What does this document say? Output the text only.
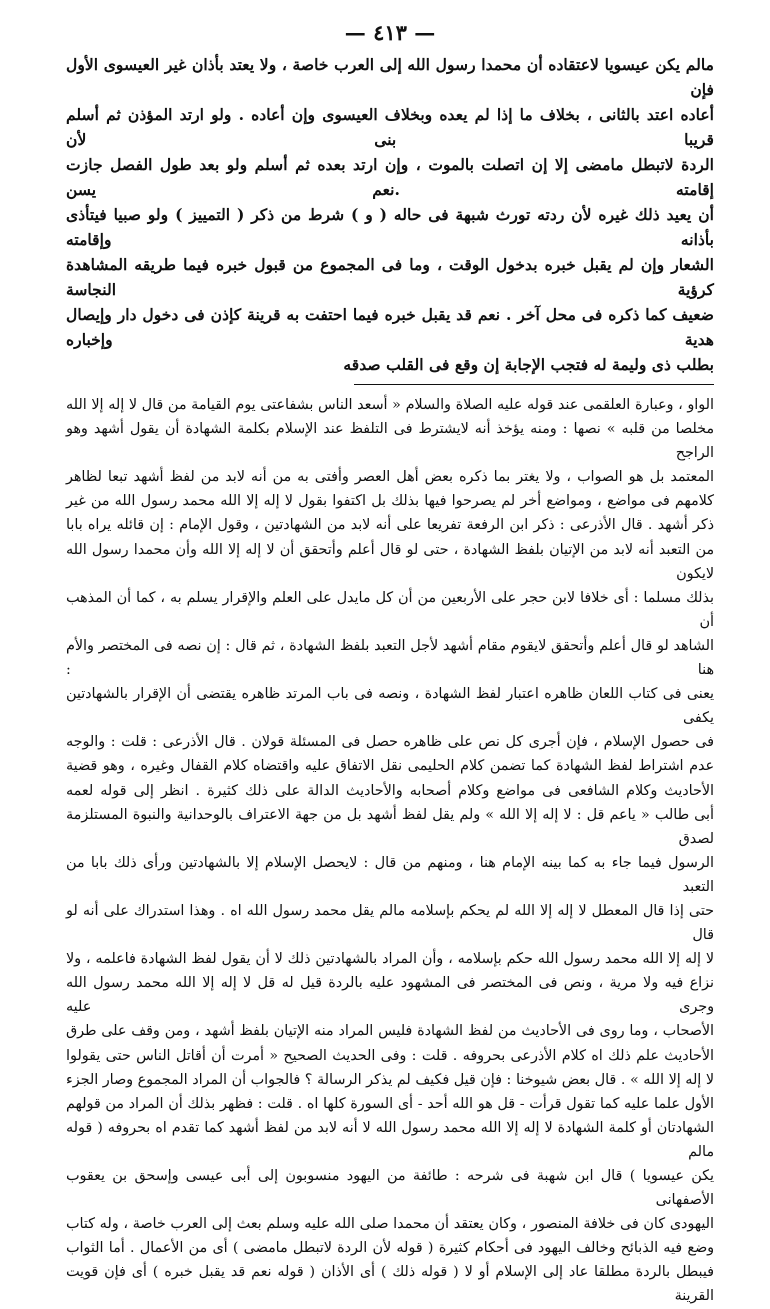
— ٤١٣ —

مالم يكن عيسويا لاعتقاده أن محمدا رسول الله إلى العرب خاصة ، ولا يعتد بأذان غير العيسوى الأول فإن

أعاده اعتد بالثانى ، بخلاف ما إذا لم يعده وبخلاف العيسوى وإن أعاده . ولو ارتد المؤذن ثم أسلم قريبا بنى لأن

الردة لاتبطل مامضى إلا إن اتصلت بالموت ، وإن ارتد بعده ثم أسلم ولو بعد طول الفصل جازت إقامته .نعم يسن

أن يعيد ذلك غيره لأن ردته تورث شبهة فى حاله ( و ) شرط من ذكر ( التمييز ) ولو صبيا فيتأذى بأذانه وإقامته

الشعار وإن لم يقبل خبره بدخول الوقت ، وما فى المجموع من قبول خبره فيما طريقه المشاهدة كرؤية النجاسة

ضعيف كما ذكره فى محل آخر . نعم قد يقبل خبره فيما احتفت به قرينة كإذن فى دخول دار وإيصال هدية وإخباره

بطلب ذى وليمة له فتجب الإجابة إن وقع فى القلب صدقه

الواو ، وعبارة العلقمى عند قوله عليه الصلاة والسلام « أسعد الناس بشفاعتى يوم القيامة من قال لا إله إلا الله

مخلصا من قلبه » نصها : ومنه يؤخذ أنه لايشترط فى التلفظ عند الإسلام بكلمة الشهادة أن يقول أشهد وهو الراجح

المعتمد بل هو الصواب ، ولا يغتر بما ذكره بعض أهل العصر وأفتى به من أنه لابد من لفظ أشهد تبعا لظاهر

كلامهم فى مواضع ، ومواضع أخر لم يصرحوا فيها بذلك بل اكتفوا بقول لا إله إلا الله محمد رسول الله من غير

ذكر أشهد . قال الأذرعى : ذكر ابن الرفعة تفريعا على أنه لابد من الشهادتين ، وقول الإمام : إن قائله يراه بابا

من التعبد أنه لابد من الإتيان بلفظ الشهادة ، حتى لو قال أعلم وأتحقق أن لا إله إلا الله وأن محمدا رسول الله لايكون

بذلك مسلما : أى خلافا لابن حجر على الأربعين من أن كل مايدل على العلم والإقرار يسلم به ، كما أن المذهب أن

الشاهد لو قال أعلم وأتحقق لايقوم مقام أشهد لأجل التعبد بلفظ الشهادة ، ثم قال : إن نصه فى المختصر والأم هنا :

يعنى فى كتاب اللعان ظاهره اعتبار لفظ الشهادة ، ونصه فى باب المرتد ظاهره يقتضى أن الإقرار بالشهادتين يكفى

فى حصول الإسلام ، فإن أجرى كل نص على ظاهره حصل فى المسئلة قولان . قال الأذرعى : قلت : والوجه

عدم اشتراط لفظ الشهادة كما تضمن كلام الحليمى نقل الاتفاق عليه واقتضاه كلام القفال وغيره ، وهو قضية

الأحاديث وكلام الشافعى فى مواضع وكلام أصحابه والأحاديث الدالة على ذلك كثيرة . انظر إلى قوله لعمه

أبى طالب « ياعم قل : لا إله إلا الله » ولم يقل لفظ أشهد بل من جهة الاعتراف بالوحدانية والنبوة المستلزمة لصدق

الرسول فيما جاء به كما بينه الإمام هنا ، ومنهم من قال : لايحصل الإسلام إلا بالشهادتين ورأى ذلك بابا من التعبد

حتى إذا قال المعطل لا إله إلا الله لم يحكم بإسلامه مالم يقل محمد رسول الله اه . وهذا استدراك على أنه لو قال

لا إله إلا الله محمد رسول الله حكم بإسلامه ، وأن المراد بالشهادتين ذلك لا أن يقول لفظ الشهادة فاعلمه ، ولا

نزاع فيه ولا مرية ، ونص فى المختصر فى المشهود عليه بالردة قيل له قل لا إله إلا الله محمد رسول الله وجرى عليه

الأصحاب ، وما روى فى الأحاديث من لفظ الشهادة فليس المراد منه الإتيان بلفظ أشهد ، ومن وقف على طرق

الأحاديث علم ذلك اه كلام الأذرعى بحروفه . قلت : وفى الحديث الصحيح « أمرت أن أقاتل الناس حتى يقولوا

لا إله إلا الله » . قال بعض شيوخنا : فإن قيل فكيف لم يذكر الرسالة ؟ فالجواب أن المراد المجموع وصار الجزء

الأول علما عليه كما تقول قرأت - قل هو الله أحد - أى السورة كلها اه . قلت : فظهر بذلك أن المراد من قولهم

الشهادتان أو كلمة الشهادة لا إله إلا الله محمد رسول الله لا أنه لابد من لفظ أشهد كما تقدم اه بحروفه ( قوله مالم

يكن عيسويا ) قال ابن شهبة فى شرحه : طائفة من اليهود منسوبون إلى أبى عيسى وإسحق بن يعقوب الأصفهانى

اليهودى كان فى خلافة المنصور ، وكان يعتقد أن محمدا صلى الله عليه وسلم بعث إلى العرب خاصة ، وله كتاب

وضع فيه الذبائح وخالف اليهود فى أحكام كثيرة ( قوله لأن الردة لاتبطل مامضى ) أى من الأعمال . أما الثواب

فيبطل بالردة مطلقا عاد إلى الإسلام أو لا ( قوله ذلك ) أى الأذان ( قوله نعم قد يقبل خبره ) أى فإن قويت القرينة
